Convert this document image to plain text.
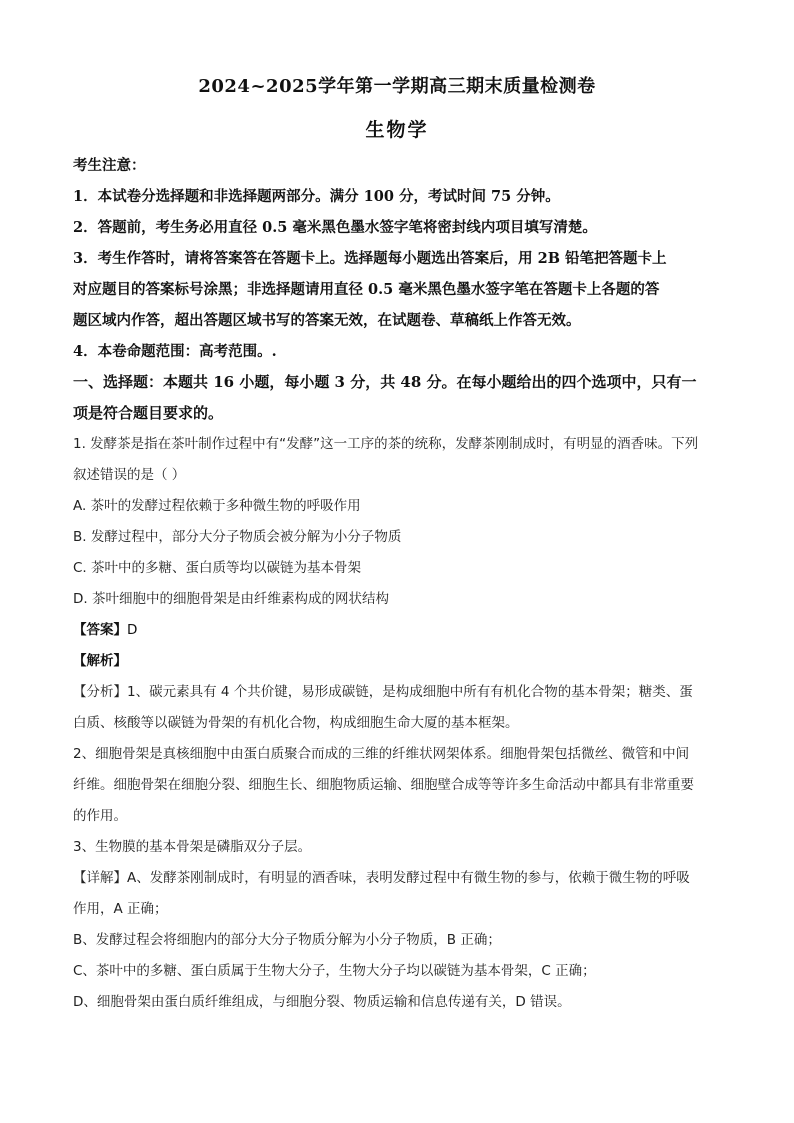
2024~2025学年第一学期高三期末质量检测卷
生物学
考生注意：
1．本试卷分选择题和非选择题两部分。满分 100 分，考试时间 75 分钟。
2．答题前，考生务必用直径 0.5 毫米黑色墨水签字笔将密封线内项目填写清楚。
3．考生作答时，请将答案答在答题卡上。选择题每小题选出答案后，用 2B 铅笔把答题卡上
对应题目的答案标号涂黑；非选择题请用直径 0.5 毫米黑色墨水签字笔在答题卡上各题的答
题区域内作答，超出答题区域书写的答案无效，在试题卷、草稿纸上作答无效。
4．本卷命题范围：高考范围。.
一、选择题：本题共 16 小题，每小题 3 分，共 48 分。在每小题给出的四个选项中，只有一
项是符合题目要求的。
1. 发酵茶是指在茶叶制作过程中有“发酵”这一工序的茶的统称，发酵茶刚制成时，有明显的酒香味。下列
叙述错误的是（ ）
A. 茶叶的发酵过程依赖于多种微生物的呼吸作用
B. 发酵过程中，部分大分子物质会被分解为小分子物质
C. 茶叶中的多糖、蛋白质等均以碳链为基本骨架
D. 茶叶细胞中的细胞骨架是由纤维素构成的网状结构
【答案】D
【解析】
【分析】1、碳元素具有 4 个共价键，易形成碳链，是构成细胞中所有有机化合物的基本骨架；糖类、蛋
白质、核酸等以碳链为骨架的有机化合物，构成细胞生命大厦的基本框架。
2、细胞骨架是真核细胞中由蛋白质聚合而成的三维的纤维状网架体系。细胞骨架包括微丝、微管和中间
纤维。细胞骨架在细胞分裂、细胞生长、细胞物质运输、细胞壁合成等等许多生命活动中都具有非常重要
的作用。
3、生物膜的基本骨架是磷脂双分子层。
【详解】A、发酵茶刚制成时，有明显的酒香味，表明发酵过程中有微生物的参与，依赖于微生物的呼吸
作用，A 正确；
B、发酵过程会将细胞内的部分大分子物质分解为小分子物质，B 正确；
C、茶叶中的多糖、蛋白质属于生物大分子，生物大分子均以碳链为基本骨架，C 正确；
D、细胞骨架由蛋白质纤维组成，与细胞分裂、物质运输和信息传递有关，D 错误。
